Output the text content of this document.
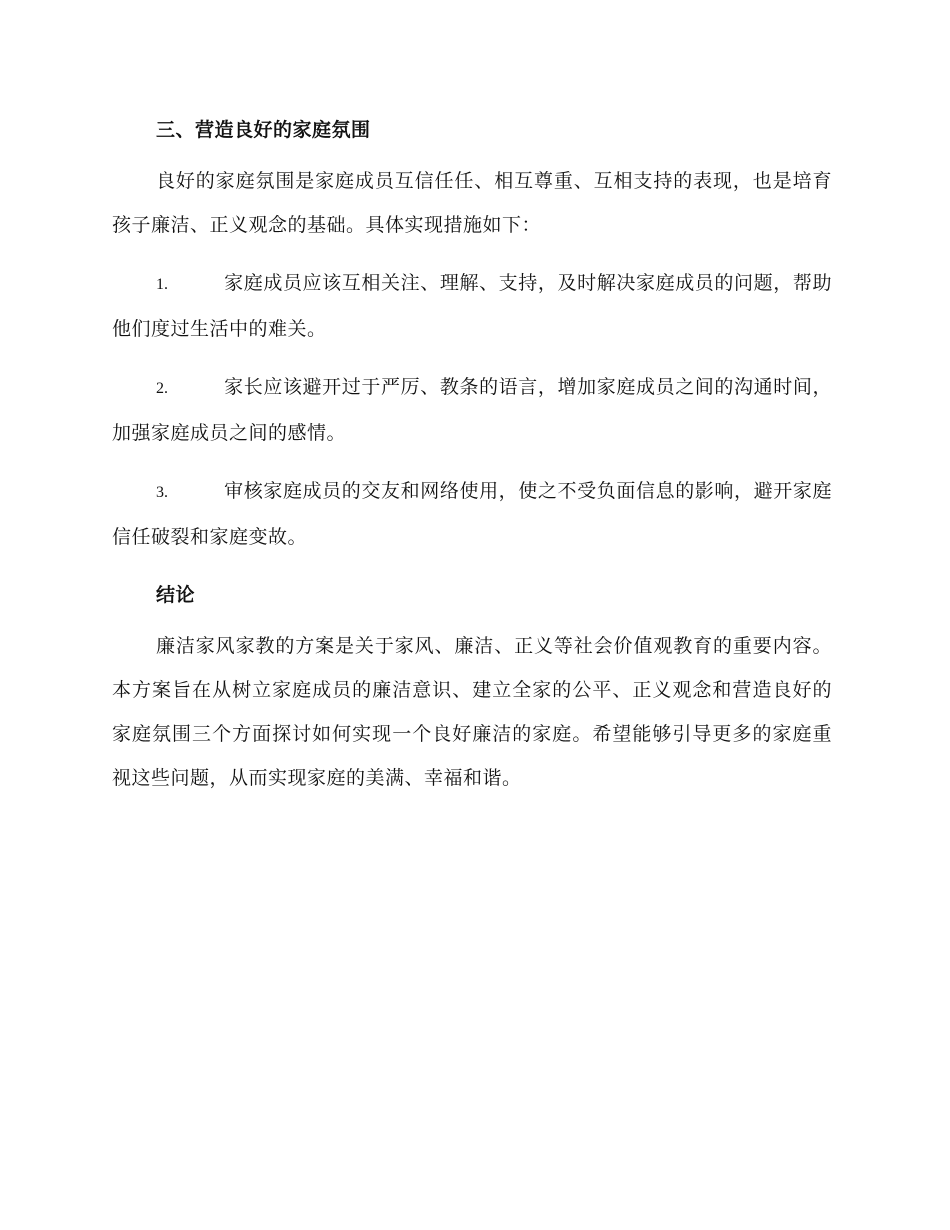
三、营造良好的家庭氛围

良好的家庭氛围是家庭成员互信任任、相互尊重、互相支持的表现，也是培育孩子廉洁、正义观念的基础。具体实现措施如下：

1.	家庭成员应该互相关注、理解、支持，及时解决家庭成员的问题，帮助他们度过生活中的难关。

2.	家长应该避开过于严厉、教条的语言，增加家庭成员之间的沟通时间，加强家庭成员之间的感情。

3.	审核家庭成员的交友和网络使用，使之不受负面信息的影响，避开家庭信任破裂和家庭变故。

结论

廉洁家风家教的方案是关于家风、廉洁、正义等社会价值观教育的重要内容。本方案旨在从树立家庭成员的廉洁意识、建立全家的公平、正义观念和营造良好的家庭氛围三个方面探讨如何实现一个良好廉洁的家庭。希望能够引导更多的家庭重视这些问题，从而实现家庭的美满、幸福和谐。
